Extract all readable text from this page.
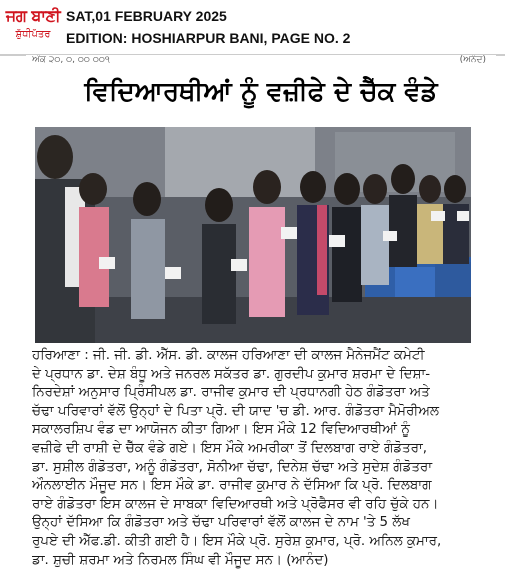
ਜਗ ਬਾਣੀ
ਸ਼ੁੱਧੀਪੱਤਰ
SAT,01 FEBRUARY 2025
EDITION: HOSHIARPUR BANI, PAGE NO. 2
ਅੰਕ ੨੦, ੦, ੦੦ ੦੦੧	(ਅਨੰਦ)
ਵਿਦਿਆਰਥੀਆਂ ਨੂੰ ਵਜ਼ੀਫੇ ਦੇ ਚੈੱਕ ਵੰਡੇ
ਹਰਿਆਣਾ : ਜੀ. ਜੀ. ਡੀ. ਐੱਸ. ਡੀ. ਕਾਲਜ ਹਰਿਆਣਾ ਦੀ ਕਾਲਜ ਮੈਨੇਜਮੈਂਟ ਕਮੇਟੀ
ਦੇ ਪ੍ਰਧਾਨ ਡਾ. ਦੇਸ਼ ਬੰਧੂ ਅਤੇ ਜਨਰਲ ਸਕੱਤਰ ਡਾ. ਗੁਰਦੀਪ ਕੁਮਾਰ ਸ਼ਰਮਾ ਦੇ ਦਿਸ਼ਾ-
ਨਿਰਦੇਸ਼ਾਂ ਅਨੁਸਾਰ ਪ੍ਰਿੰਸੀਪਲ ਡਾ. ਰਾਜੀਵ ਕੁਮਾਰ ਦੀ ਪ੍ਰਧਾਨਗੀ ਹੇਠ ਗੰਡੋਤਰਾ ਅਤੇ
ਚੱਢਾ ਪਰਿਵਾਰਾਂ ਵੱਲੋਂ ਉਨ੍ਹਾਂ ਦੇ ਪਿਤਾ ਪ੍ਰੋ. ਦੀ ਯਾਦ 'ਚ ਡੀ. ਆਰ. ਗੰਡੋਤਰਾ ਮੈਮੋਰੀਅਲ
ਸਕਾਲਰਸ਼ਿਪ ਵੰਡ ਦਾ ਆਯੋਜਨ ਕੀਤਾ ਗਿਆ। ਇਸ ਮੌਕੇ 12 ਵਿਦਿਆਰਥੀਆਂ ਨੂੰ
ਵਜ਼ੀਫੇ ਦੀ ਰਾਸ਼ੀ ਦੇ ਚੈੱਕ ਵੰਡੇ ਗਏ। ਇਸ ਮੌਕੇ ਅਮਰੀਕਾ ਤੋਂ ਦਿਲਬਾਗ ਰਾਏ ਗੰਡੋਤਰਾ,
ਡਾ. ਸੁਸ਼ੀਲ ਗੰਡੋਤਰਾ, ਅਨੂੰ ਗੰਡੋਤਰਾ, ਸੋਨੀਆ ਚੱਢਾ, ਦਿਨੇਸ਼ ਚੱਢਾ ਅਤੇ ਸੁਦੇਸ਼ ਗੰਡੋਤਰਾ
ਔਨਲਾਈਨ ਮੌਜੂਦ ਸਨ। ਇਸ ਮੌਕੇ ਡਾ. ਰਾਜੀਵ ਕੁਮਾਰ ਨੇ ਦੱਸਿਆ ਕਿ ਪ੍ਰੋ. ਦਿਲਬਾਗ
ਰਾਏ ਗੰਡੋਤਰਾ ਇਸ ਕਾਲਜ ਦੇ ਸਾਬਕਾ ਵਿਦਿਆਰਥੀ ਅਤੇ ਪ੍ਰੋਫੈਸਰ ਵੀ ਰਹਿ ਚੁੱਕੇ ਹਨ।
ਉਨ੍ਹਾਂ ਦੱਸਿਆ ਕਿ ਗੰਡੋਤਰਾ ਅਤੇ ਚੱਢਾ ਪਰਿਵਾਰਾਂ ਵੱਲੋਂ ਕਾਲਜ ਦੇ ਨਾਮ 'ਤੇ 5 ਲੱਖ
ਰੁਪਏ ਦੀ ਐੱਫ.ਡੀ. ਕੀਤੀ ਗਈ ਹੈ। ਇਸ ਮੌਕੇ ਪ੍ਰੋ. ਸੁਰੇਸ਼ ਕੁਮਾਰ, ਪ੍ਰੋ. ਅਨਿਲ ਕੁਮਾਰ,
ਡਾ. ਸ਼ੁਚੀ ਸ਼ਰਮਾ ਅਤੇ ਨਿਰਮਲ ਸਿੰਘ ਵੀ ਮੌਜੂਦ ਸਨ। (ਆਨੰਦ)
